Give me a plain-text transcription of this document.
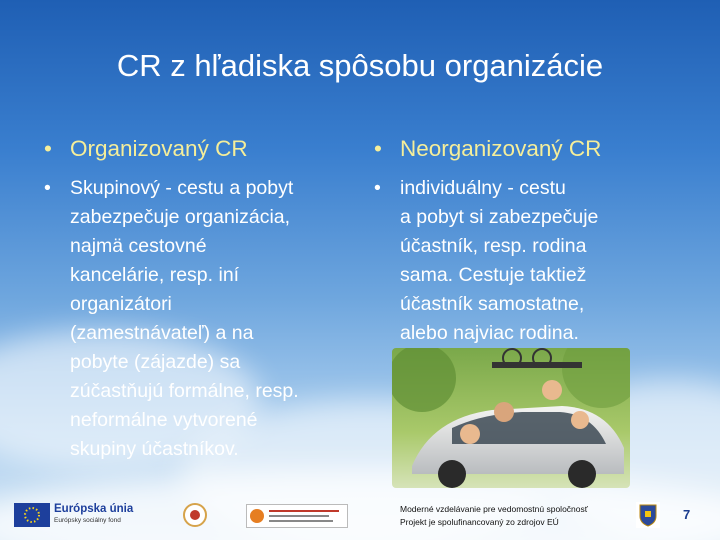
CR z hľadiska spôsobu organizácie
• Organizovaný CR
• Skupinový - cestu a pobyt
zabezpečuje organizácia,
najmä cestovné
kancelárie, resp. iní
organizátori
(zamestnávateľ) a na
pobyte (zájazde) sa
zúčastňujú formálne, resp.
neformálne vytvorené
skupiny účastníkov.
• Neorganizovaný CR
• individuálny - cestu
a pobyt si zabezpečuje
účastník, resp. rodina
sama. Cestuje taktiež
účastník samostatne,
alebo najviac rodina.
Európska únia
Európsky sociálny fond
Moderné vzdelávanie pre vedomostnú spoločnosť
Projekt je spolufinancovaný zo zdrojov EÚ	7
